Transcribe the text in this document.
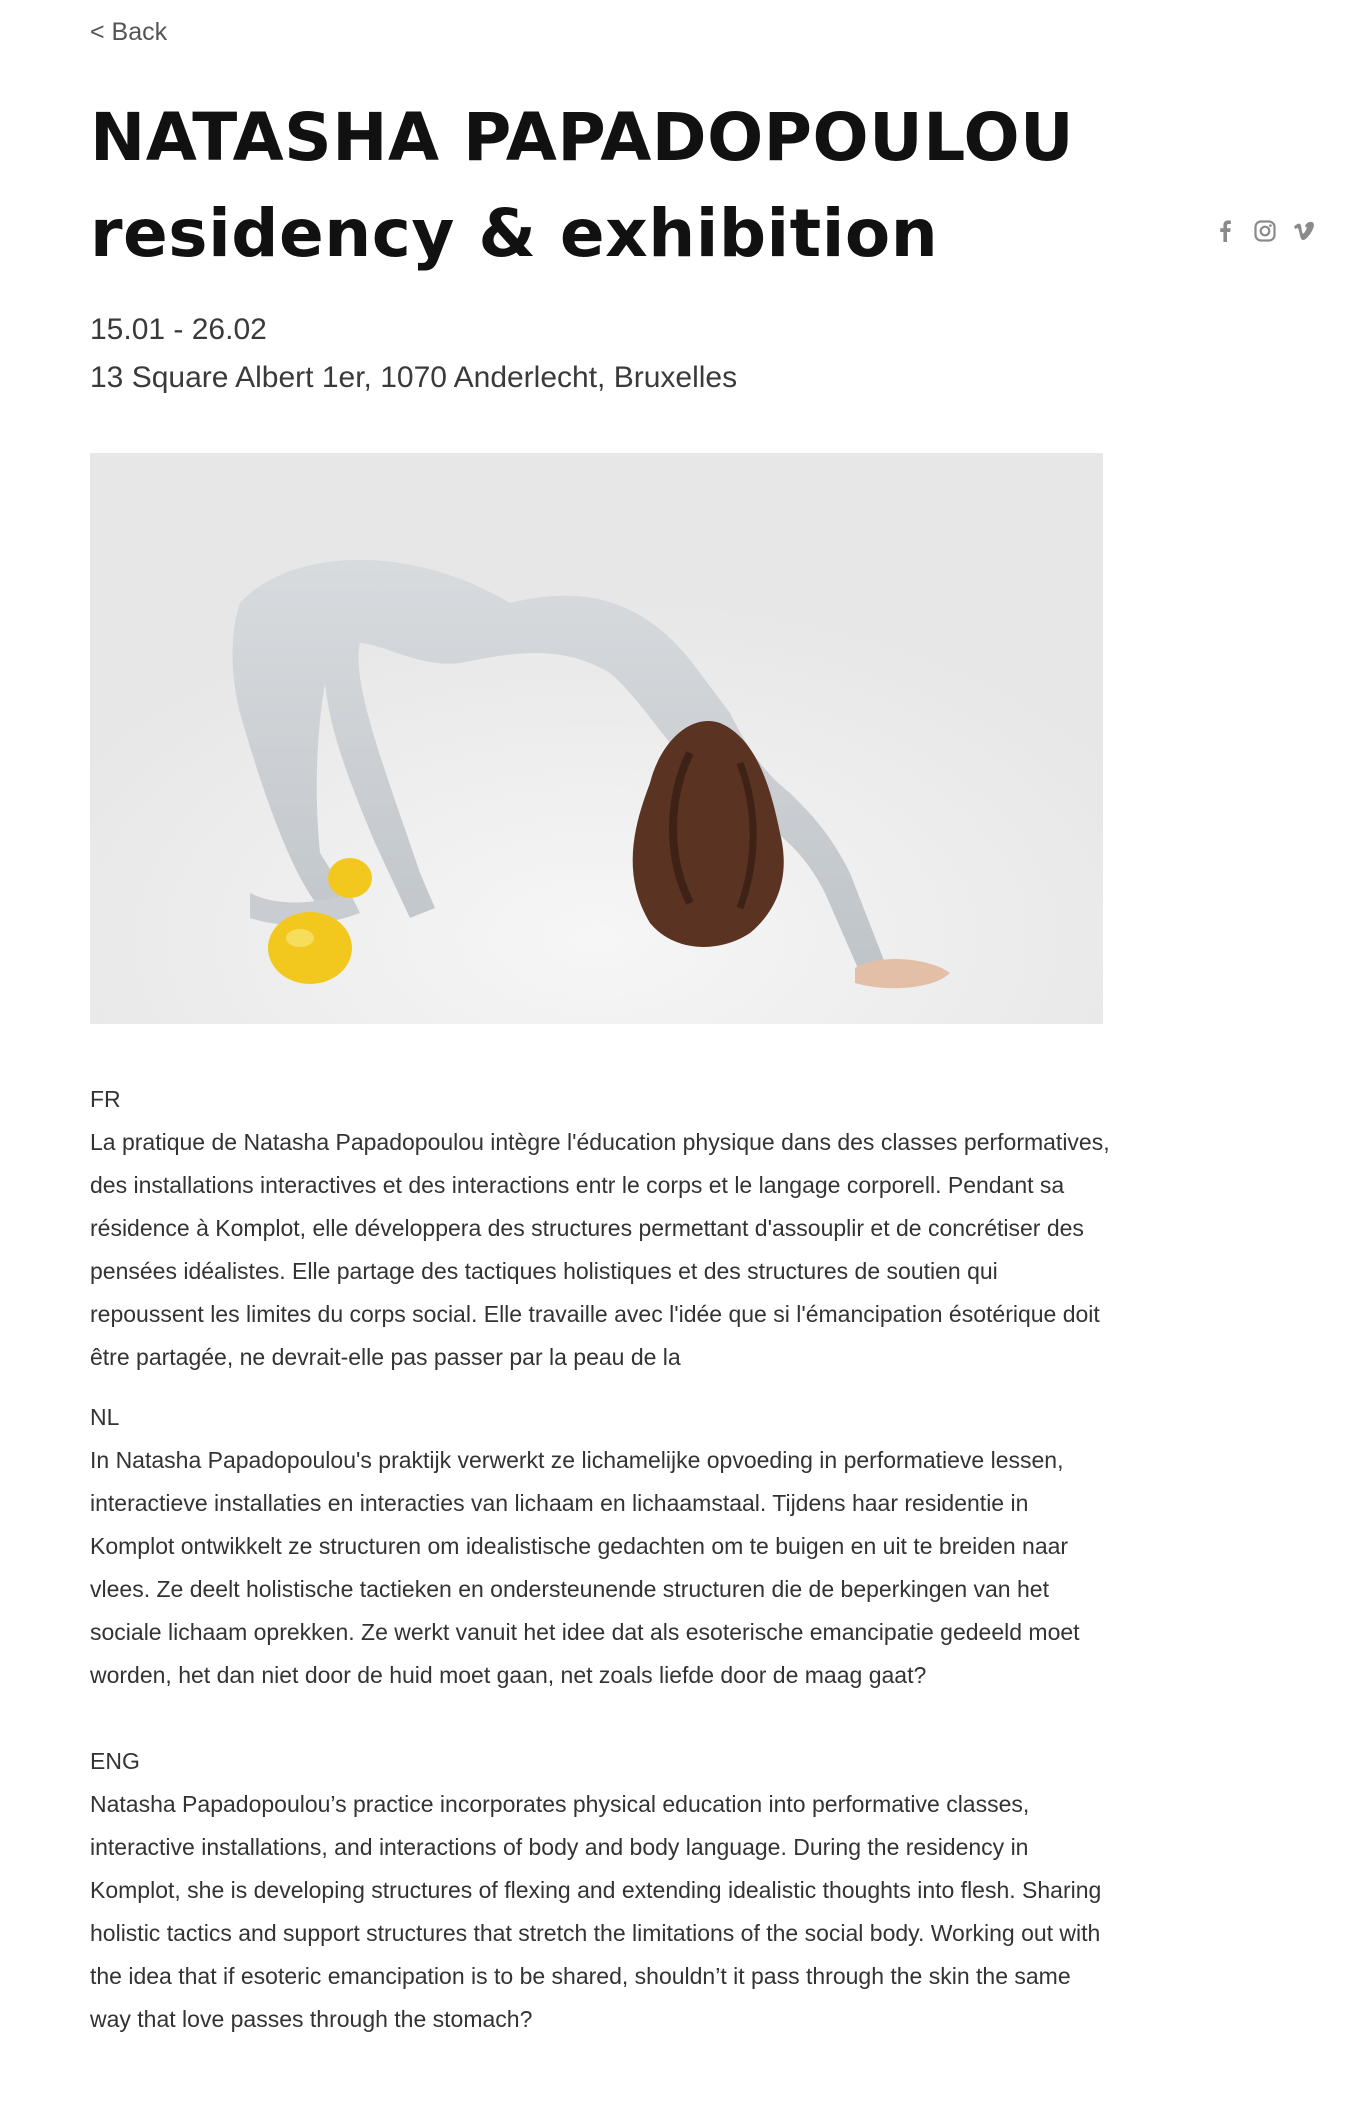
< Back
NATASHA PAPADOPOULOU
residency & exhibition
15.01 - 26.02
13 Square Albert 1er, 1070 Anderlecht, Bruxelles
FR

La pratique de Natasha Papadopoulou intègre l'éducation physique dans des classes performatives, des installations interactives et des interactions entr le corps et le langage corporell. Pendant sa résidence à Komplot, elle développera des structures permettant d'assouplir et de concrétiser des pensées idéalistes. Elle partage des tactiques holistiques et des structures de soutien qui repoussent les limites du corps social. Elle travaille avec l'idée que si l'émancipation ésotérique doit être partagée, ne devrait-elle pas passer par la peau de la

NL

In Natasha Papadopoulou's praktijk verwerkt ze lichamelijke opvoeding in performatieve lessen, interactieve installaties en interacties van lichaam en lichaamstaal. Tijdens haar residentie in Komplot ontwikkelt ze structuren om idealistische gedachten om te buigen en uit te breiden naar vlees. Ze deelt holistische tactieken en ondersteunende structuren die de beperkingen van het sociale lichaam oprekken. Ze werkt vanuit het idee dat als esoterische emancipatie gedeeld moet worden, het dan niet door de huid moet gaan, net zoals liefde door de maag gaat?

ENG

Natasha Papadopoulou’s practice incorporates physical education into performative classes, interactive installations, and interactions of body and body language. During the residency in Komplot, she is developing structures of flexing and extending idealistic thoughts into flesh. Sharing holistic tactics and support structures that stretch the limitations of the social body. Working out with the idea that if esoteric emancipation is to be shared, shouldn’t it pass through the skin the same way that love passes through the stomach?
